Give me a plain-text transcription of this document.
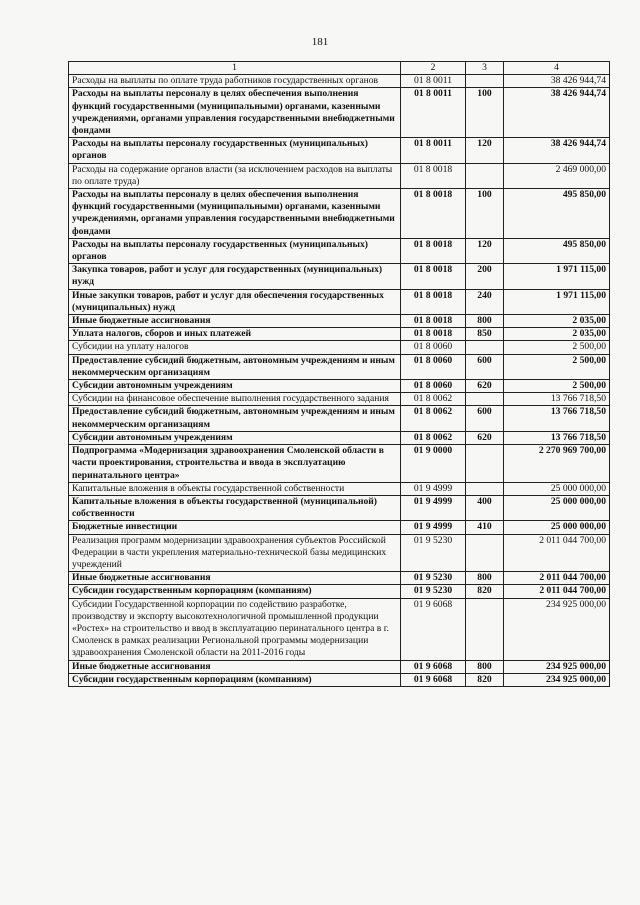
181
1	2	3	4
Расходы на выплаты по оплате труда работников государственных органов	01 8 0011		38 426 944,74
Расходы на выплаты персоналу в целях обеспечения выполнения функций государственными (муниципальными) органами, казенными учреждениями, органами управления государственными внебюджетными фондами	01 8 0011	100	38 426 944,74
Расходы на выплаты персоналу государственных (муниципальных) органов	01 8 0011	120	38 426 944,74
Расходы на содержание органов власти (за исключением расходов на выплаты по оплате труда)	01 8 0018		2 469 000,00
Расходы на выплаты персоналу в целях обеспечения выполнения функций государственными (муниципальными) органами, казенными учреждениями, органами управления государственными внебюджетными фондами	01 8 0018	100	495 850,00
Расходы на выплаты персоналу государственных (муниципальных) органов	01 8 0018	120	495 850,00
Закупка товаров, работ и услуг для государственных (муниципальных) нужд	01 8 0018	200	1 971 115,00
Иные закупки товаров, работ и услуг для обеспечения государственных (муниципальных) нужд	01 8 0018	240	1 971 115,00
Иные бюджетные ассигнования	01 8 0018	800	2 035,00
Уплата налогов, сборов и иных платежей	01 8 0018	850	2 035,00
Субсидии на уплату налогов	01 8 0060		2 500,00
Предоставление субсидий бюджетным, автономным учреждениям и иным некоммерческим организациям	01 8 0060	600	2 500,00
Субсидии автономным учреждениям	01 8 0060	620	2 500,00
Субсидии на финансовое обеспечение выполнения государственного задания	01 8 0062		13 766 718,50
Предоставление субсидий бюджетным, автономным учреждениям и иным некоммерческим организациям	01 8 0062	600	13 766 718,50
Субсидии автономным учреждениям	01 8 0062	620	13 766 718,50
Подпрограмма «Модернизация здравоохранения Смоленской области в части проектирования, строительства и ввода в эксплуатацию перинатального центра»	01 9 0000		2 270 969 700,00
Капитальные вложения в объекты государственной собственности	01 9 4999		25 000 000,00
Капитальные вложения в объекты государственной (муниципальной) собственности	01 9 4999	400	25 000 000,00
Бюджетные инвестиции	01 9 4999	410	25 000 000,00
Реализация программ модернизации здравоохранения субъектов Российской Федерации в части укрепления материально-технической базы медицинских учреждений	01 9 5230		2 011 044 700,00
Иные бюджетные ассигнования	01 9 5230	800	2 011 044 700,00
Субсидии государственным корпорациям (компаниям)	01 9 5230	820	2 011 044 700,00
Субсидии Государственной корпорации по содействию разработке, производству и экспорту высокотехнологичной промышленной продукции «Ростех» на строительство и ввод в эксплуатацию перинатального центра в г. Смоленск в рамках реализации Региональной программы модернизации здравоохранения Смоленской области на 2011-2016 годы	01 9 6068		234 925 000,00
Иные бюджетные ассигнования	01 9 6068	800	234 925 000,00
Субсидии государственным корпорациям (компаниям)	01 9 6068	820	234 925 000,00
